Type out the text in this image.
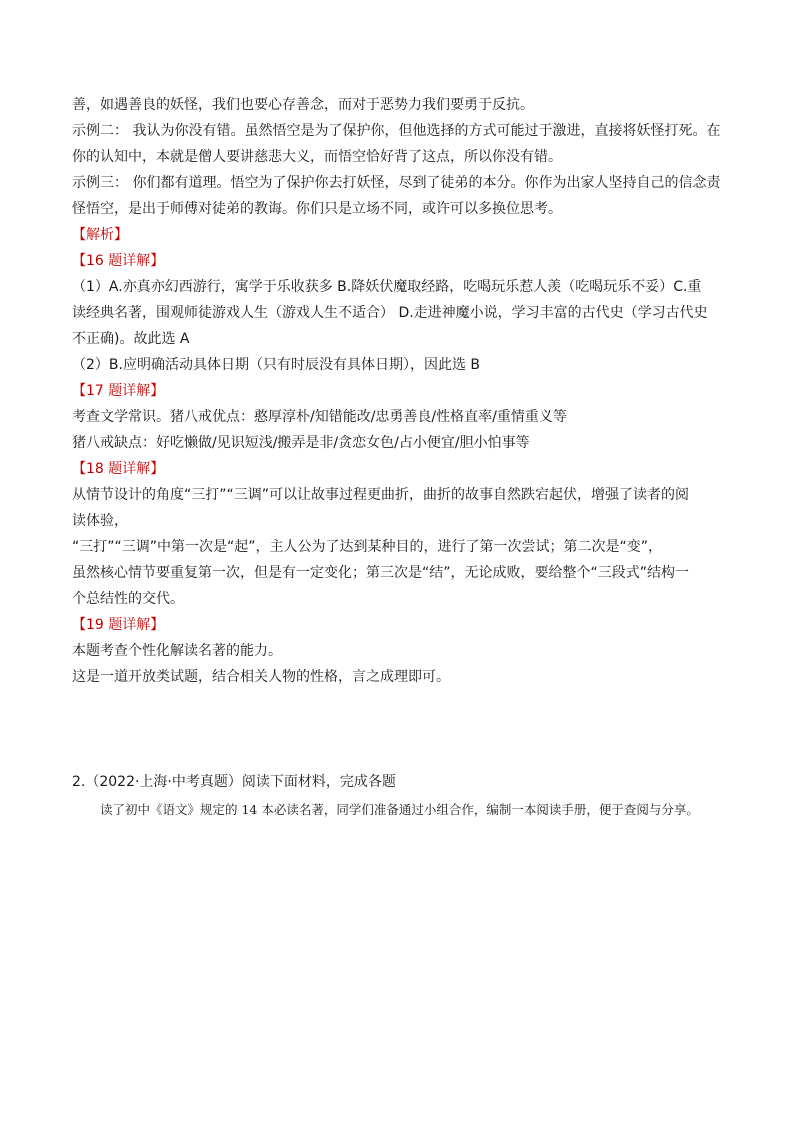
善，如遇善良的妖怪，我们也要心存善念，而对于恶势力我们要勇于反抗。
示例二： 我认为你没有错。虽然悟空是为了保护你，但他选择的方式可能过于激进，直接将妖怪打死。在
你的认知中，本就是僧人要讲慈悲大义，而悟空恰好背了这点，所以你没有错。
示例三： 你们都有道理。悟空为了保护你去打妖怪，尽到了徒弟的本分。你作为出家人坚持自己的信念责
怪悟空，是出于师傅对徒弟的教诲。你们只是立场不同，或许可以多换位思考。
【解析】
【16 题详解】
（1）A.亦真亦幻西游行，寓学于乐收获多 B.降妖伏魔取经路，吃喝玩乐惹人羡（吃喝玩乐不妥）C.重
读经典名著，围观师徒游戏人生（游戏人生不适合） D.走进神魔小说，学习丰富的古代史（学习古代史
不正确)。故此选 A
（2）B.应明确活动具体日期（只有时辰没有具体日期），因此选 B
【17 题详解】
考查文学常识。猪八戒优点：憨厚淳朴/知错能改/忠勇善良/性格直率/重情重义等
猪八戒缺点：好吃懒做/见识短浅/搬弄是非/贪恋女色/占小便宜/胆小怕事等
【18 题详解】
从情节设计的角度“三打”“三调”可以让故事过程更曲折，曲折的故事自然跌宕起伏，增强了读者的阅
读体验，
“三打”“三调”中第一次是“起”，主人公为了达到某种目的，进行了第一次尝试；第二次是“变”，
虽然核心情节要重复第一次，但是有一定变化；第三次是“结”，无论成败，要给整个“三段式”结构一
个总结性的交代。
【19 题详解】
本题考查个性化解读名著的能力。
这是一道开放类试题，结合相关人物的性格，言之成理即可。
2.（2022·上海·中考真题）阅读下面材料，完成各题
读了初中《语文》规定的 14 本必读名著，同学们准备通过小组合作，编制一本阅读手册，便于查阅与分享。
